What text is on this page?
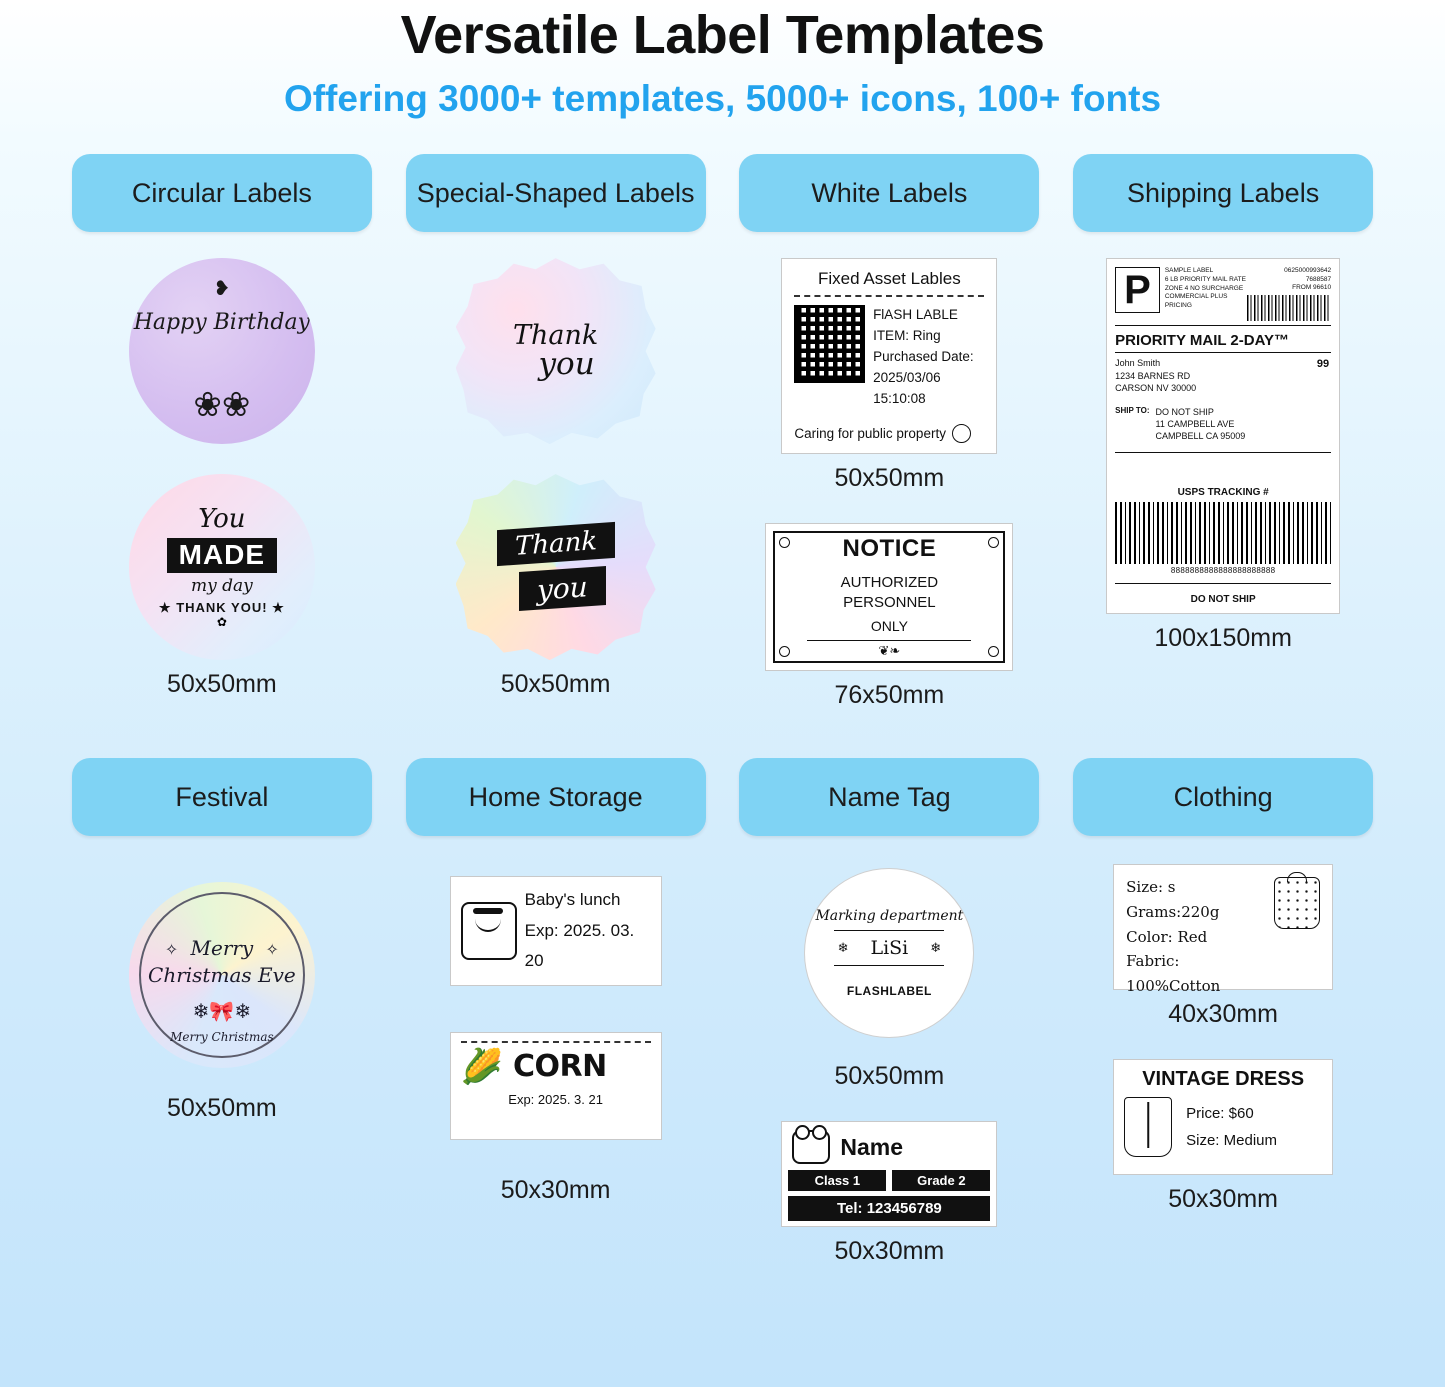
Versatile Label Templates

Offering 3000+ templates, 5000+ icons, 100+ fonts

Circular Labels
❥
Happy Birthday
❀❀
You
MADE
my day
★ THANK YOU! ★
✿
50x50mm
Special-Shaped Labels
Thank
you
Thank
you
50x50mm
White Labels
Fixed Asset Lables
FlASH LABLE
ITEM: Ring
Purchased Date:
2025/03/06 15:10:08
Caring for public property
50x50mm
NOTICE
AUTHORIZED
PERSONNEL
ONLY
❦❧
76x50mm
Shipping Labels
P	SAMPLE LABEL
6 LB PRIORITY MAIL RATE
ZONE 4 NO SURCHARGE
COMMERCIAL PLUS PRICING
0625000993642
7688587
FROM 96610
PRIORITY MAIL 2-DAY™
99
John Smith
1234 BARNES RD
CARSON NV 30000
SHIP TO: DO NOT SHIP
11 CAMPBELL AVE
CAMPBELL CA 95009
USPS TRACKING #
8888888888888888888888
DO NOT SHIP
100x150mm
Festival
✧	✧
Merry
Christmas Eve
❄🎀❄
Merry Christmas
50x50mm
Home Storage
Baby's lunch
Exp: 2025. 03. 20
🌽 CORN
Exp: 2025. 3. 21
50x30mm
Name Tag
Marking department
❄ LiSi ❄
FLASHLABEL
50x50mm
Name
Class 1	Grade 2
Tel: 123456789
50x30mm
Clothing
Size: s
Grams:220g
Color: Red
Fabric: 100%Cotton
40x30mm
VINTAGE DRESS
Price: $60
Size: Medium
50x30mm
